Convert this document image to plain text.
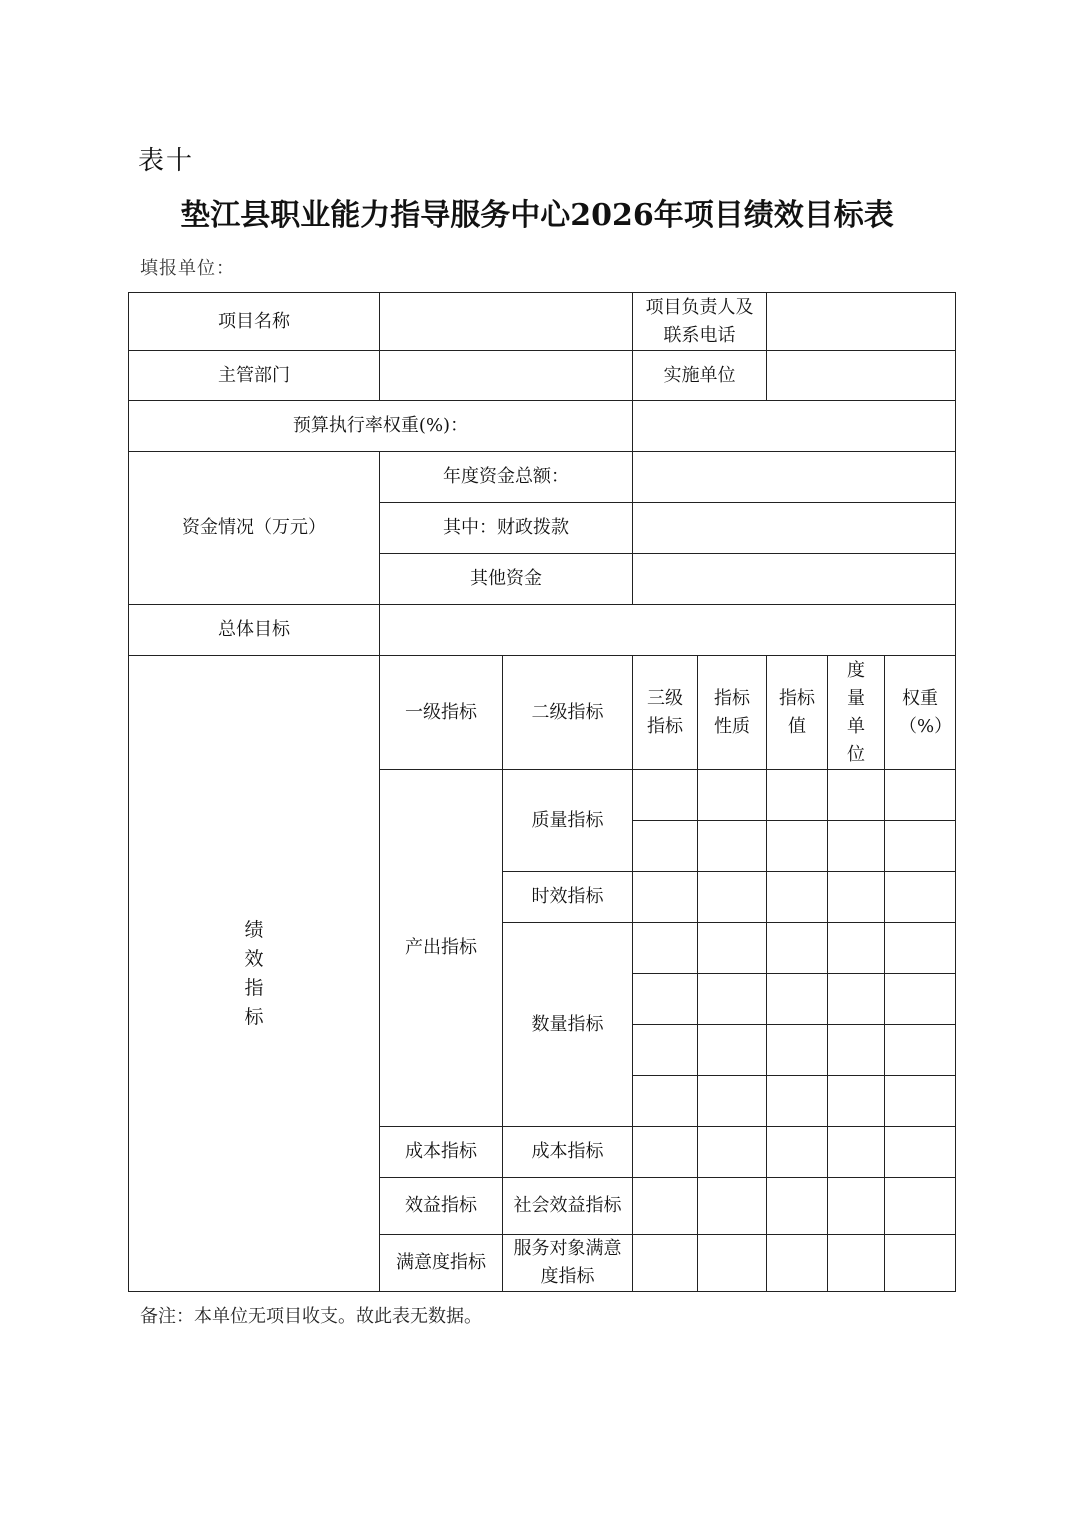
表十
垫江县职业能力指导服务中心2026年项目绩效目标表
填报单位：
项目名称			项目负责人及联系电话				
主管部门			实施单位				
预算执行率权重(%)：							
资金情况（万元）	年度资金总额：						
	其中：财政拨款						
	其他资金						
总体目标							

绩效指标	一级指标	二级指标	三级指标	指标性质	指标值	度量单位	权重（%）
	产出指标	质量指标					

		时效指标					
		数量指标					

	成本指标	成本指标					
	效益指标	社会效益指标					
	满意度指标	服务对象满意度指标					
备注：本单位无项目收支。故此表无数据。
